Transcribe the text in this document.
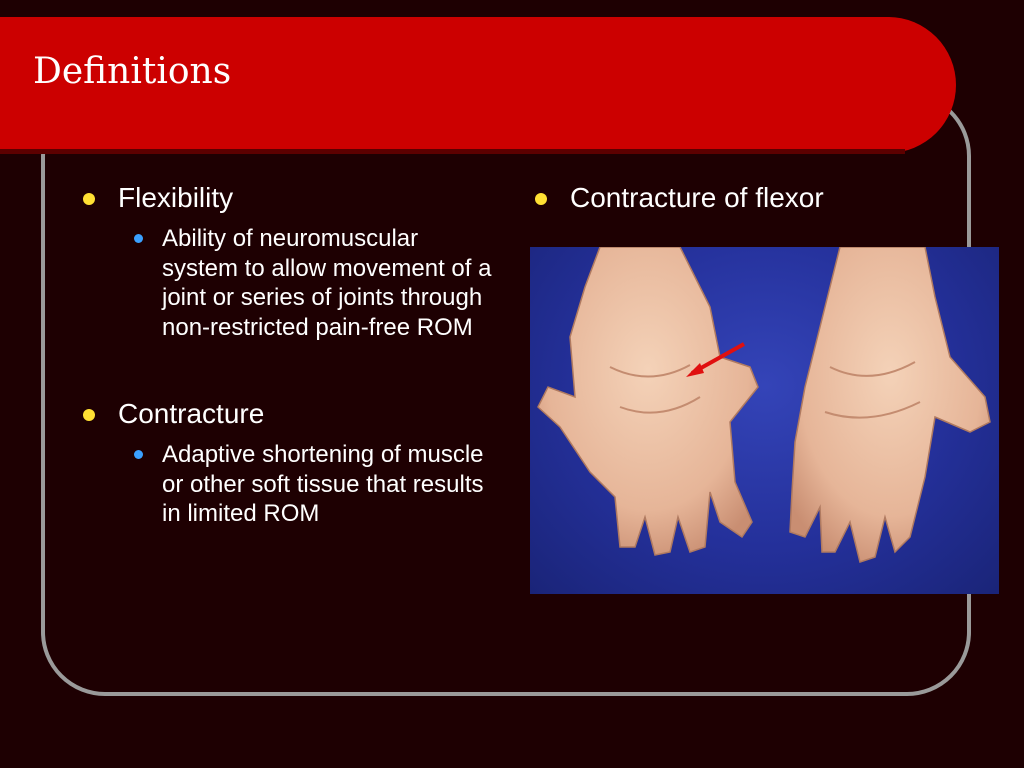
Definitions
Flexibility
Ability of neuromuscular system to allow movement of a joint or series of joints through non-restricted pain-free ROM
Contracture
Adaptive shortening of muscle or other soft tissue that results in limited ROM
Contracture of flexor
